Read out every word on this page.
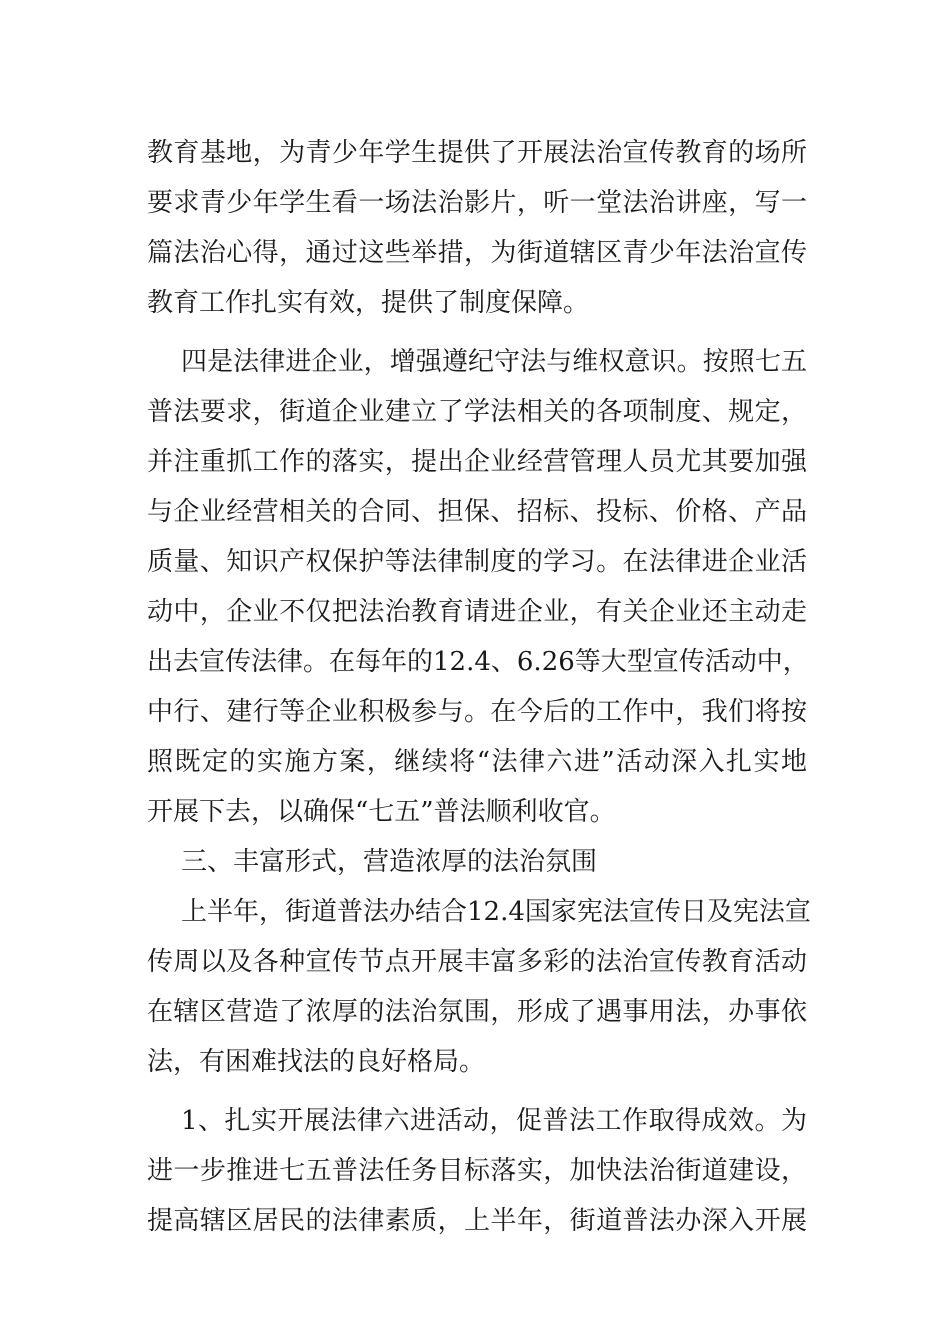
教育基地，为青少年学生提供了开展法治宣传教育的场所
要求青少年学生看一场法治影片，听一堂法治讲座，写一
篇法治心得，通过这些举措，为街道辖区青少年法治宣传
教育工作扎实有效，提供了制度保障。
四是法律进企业，增强遵纪守法与维权意识。按照七五
普法要求，街道企业建立了学法相关的各项制度、规定，
并注重抓工作的落实，提出企业经营管理人员尤其要加强
与企业经营相关的合同、担保、招标、投标、价格、产品
质量、知识产权保护等法律制度的学习。在法律进企业活
动中，企业不仅把法治教育请进企业，有关企业还主动走
出去宣传法律。在每年的12.4、6.26等大型宣传活动中，
中行、建行等企业积极参与。在今后的工作中，我们将按
照既定的实施方案，继续将“法律六进”活动深入扎实地
开展下去，以确保“七五”普法顺利收官。
三、丰富形式，营造浓厚的法治氛围
上半年，街道普法办结合12.4国家宪法宣传日及宪法宣
传周以及各种宣传节点开展丰富多彩的法治宣传教育活动
在辖区营造了浓厚的法治氛围，形成了遇事用法，办事依
法，有困难找法的良好格局。
1、扎实开展法律六进活动，促普法工作取得成效。为
进一步推进七五普法任务目标落实，加快法治街道建设，
提高辖区居民的法律素质，上半年，街道普法办深入开展
